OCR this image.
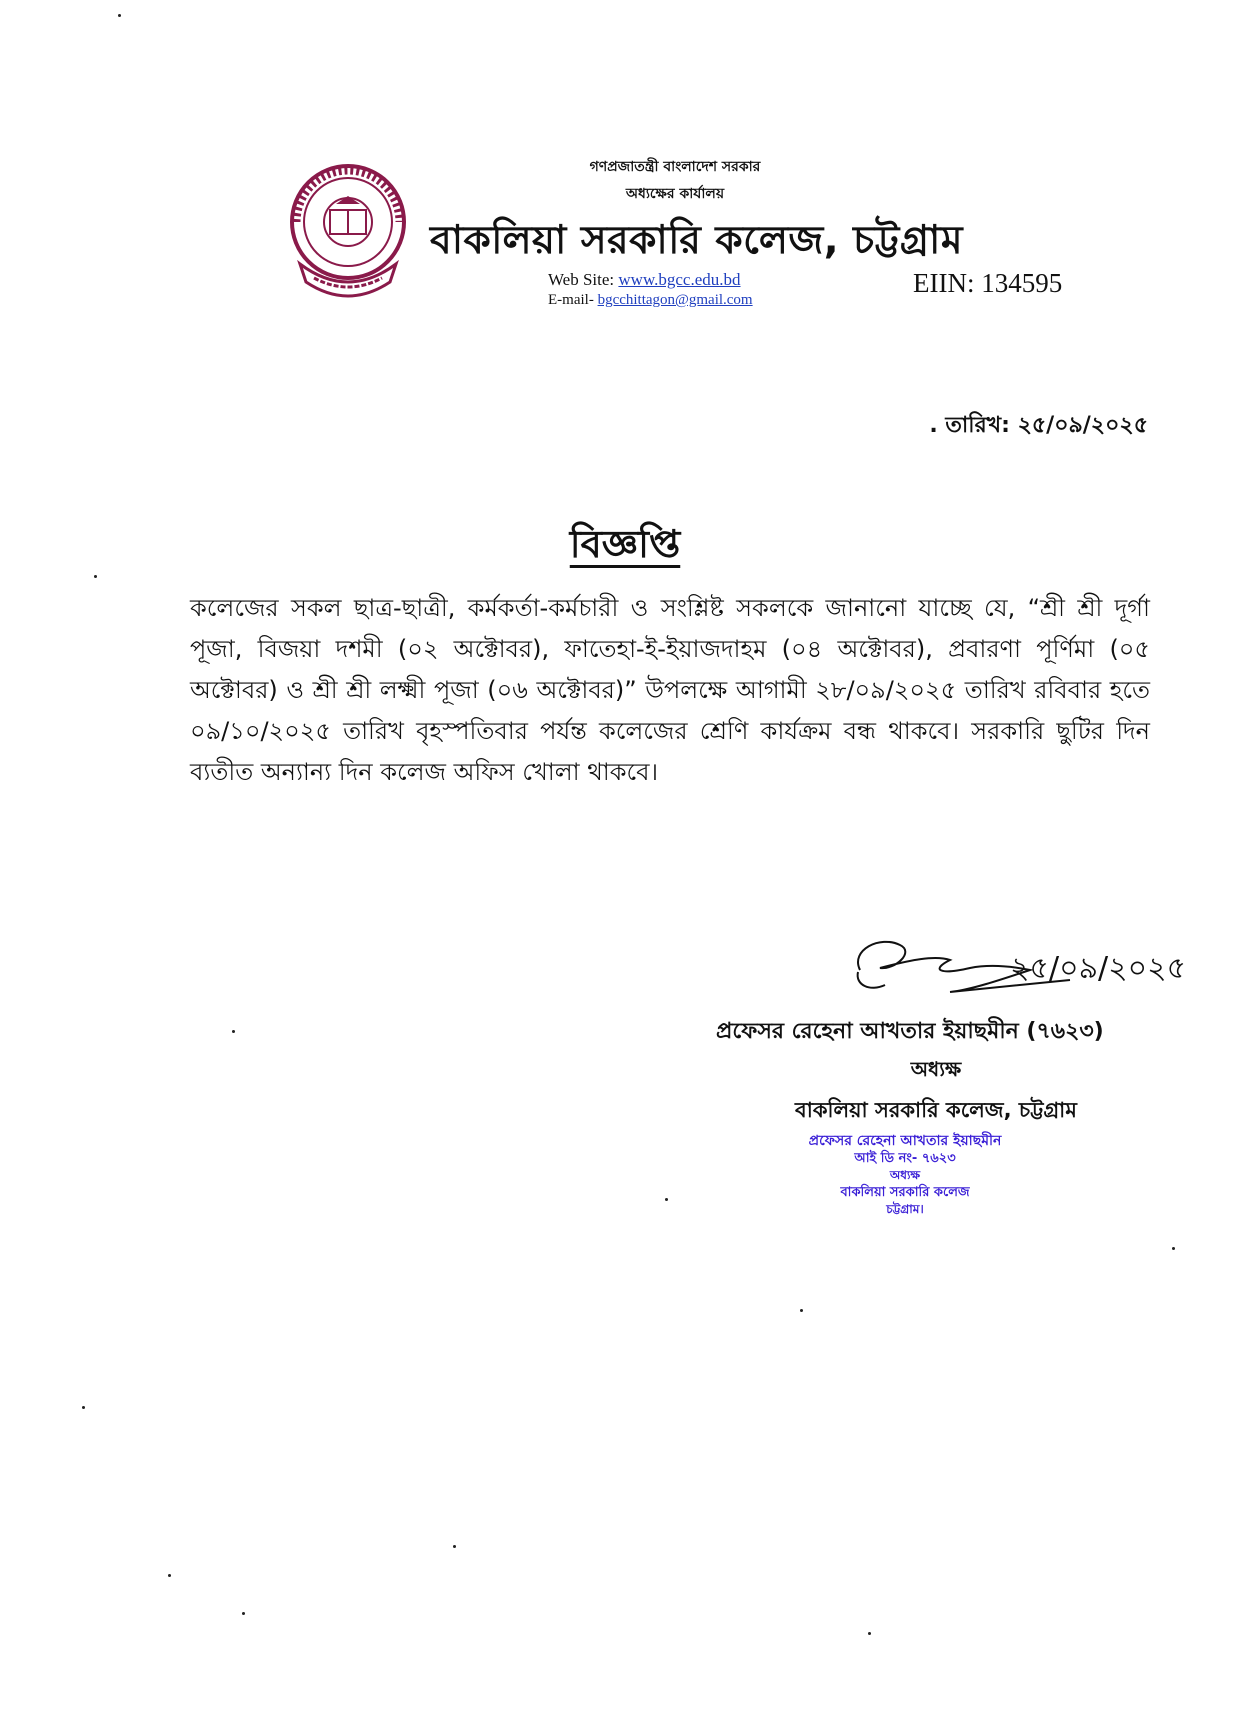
গণপ্রজাতন্ত্রী বাংলাদেশ সরকার
অধ্যক্ষের কার্যালয়
বাকলিয়া সরকারি কলেজ, চট্টগ্রাম
Web Site: www.bgcc.edu.bd
E-mail- bgcchittagon@gmail.com
EIIN: 134595
. তারিখ: ২৫/০৯/২০২৫
বিজ্ঞপ্তি
কলেজের সকল ছাত্র-ছাত্রী, কর্মকর্তা-কর্মচারী ও সংশ্লিষ্ট সকলকে জানানো যাচ্ছে যে, “শ্রী শ্রী দূর্গা পূজা, বিজয়া দশমী (০২ অক্টোবর), ফাতেহা-ই-ইয়াজদাহম (০৪ অক্টোবর), প্রবারণা পূর্ণিমা (০৫ অক্টোবর) ও শ্রী শ্রী লক্ষ্মী পূজা (০৬ অক্টোবর)” উপলক্ষে আগামী ২৮/০৯/২০২৫ তারিখ রবিবার হতে ০৯/১০/২০২৫ তারিখ বৃহস্পতিবার পর্যন্ত কলেজের শ্রেণি কার্যক্রম বন্ধ থাকবে। সরকারি ছুটির দিন ব্যতীত অন্যান্য দিন কলেজ অফিস খোলা থাকবে।
২৫/০৯/২০২৫
প্রফেসর রেহেনা আখতার ইয়াছমীন (৭৬২৩)
অধ্যক্ষ
বাকলিয়া সরকারি কলেজ, চট্টগ্রাম
প্রফেসর রেহেনা আখতার ইয়াছমীন
আই ডি নং- ৭৬২৩
অধ্যক্ষ
বাকলিয়া সরকারি কলেজ
চট্টগ্রাম।
